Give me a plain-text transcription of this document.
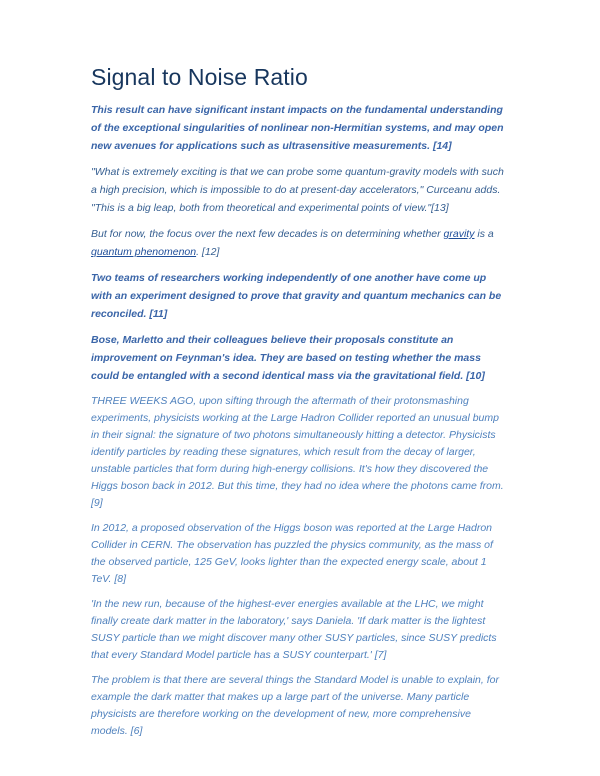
Signal to Noise Ratio

This result can have significant instant impacts on the fundamental understanding of the exceptional singularities of nonlinear non-Hermitian systems, and may open new avenues for applications such as ultrasensitive measurements. [14]

"What is extremely exciting is that we can probe some quantum-gravity models with such a high precision, which is impossible to do at present-day accelerators," Curceanu adds. "This is a big leap, both from theoretical and experimental points of view."[13]

But for now, the focus over the next few decades is on determining whether gravity is a quantum phenomenon. [12]

Two teams of researchers working independently of one another have come up with an experiment designed to prove that gravity and quantum mechanics can be reconciled. [11]

Bose, Marletto and their colleagues believe their proposals constitute an improvement on Feynman's idea. They are based on testing whether the mass could be entangled with a second identical mass via the gravitational field. [10]

THREE WEEKS AGO, upon sifting through the aftermath of their protonsmashing experiments, physicists working at the Large Hadron Collider reported an unusual bump in their signal: the signature of two photons simultaneously hitting a detector. Physicists identify particles by reading these signatures, which result from the decay of larger, unstable particles that form during high-energy collisions. It's how they discovered the Higgs boson back in 2012. But this time, they had no idea where the photons came from. [9]

In 2012, a proposed observation of the Higgs boson was reported at the Large Hadron Collider in CERN. The observation has puzzled the physics community, as the mass of the observed particle, 125 GeV, looks lighter than the expected energy scale, about 1 TeV. [8]

'In the new run, because of the highest-ever energies available at the LHC, we might finally create dark matter in the laboratory,' says Daniela. 'If dark matter is the lightest SUSY particle than we might discover many other SUSY particles, since SUSY predicts that every Standard Model particle has a SUSY counterpart.' [7]

The problem is that there are several things the Standard Model is unable to explain, for example the dark matter that makes up a large part of the universe. Many particle physicists are therefore working on the development of new, more comprehensive models. [6]
